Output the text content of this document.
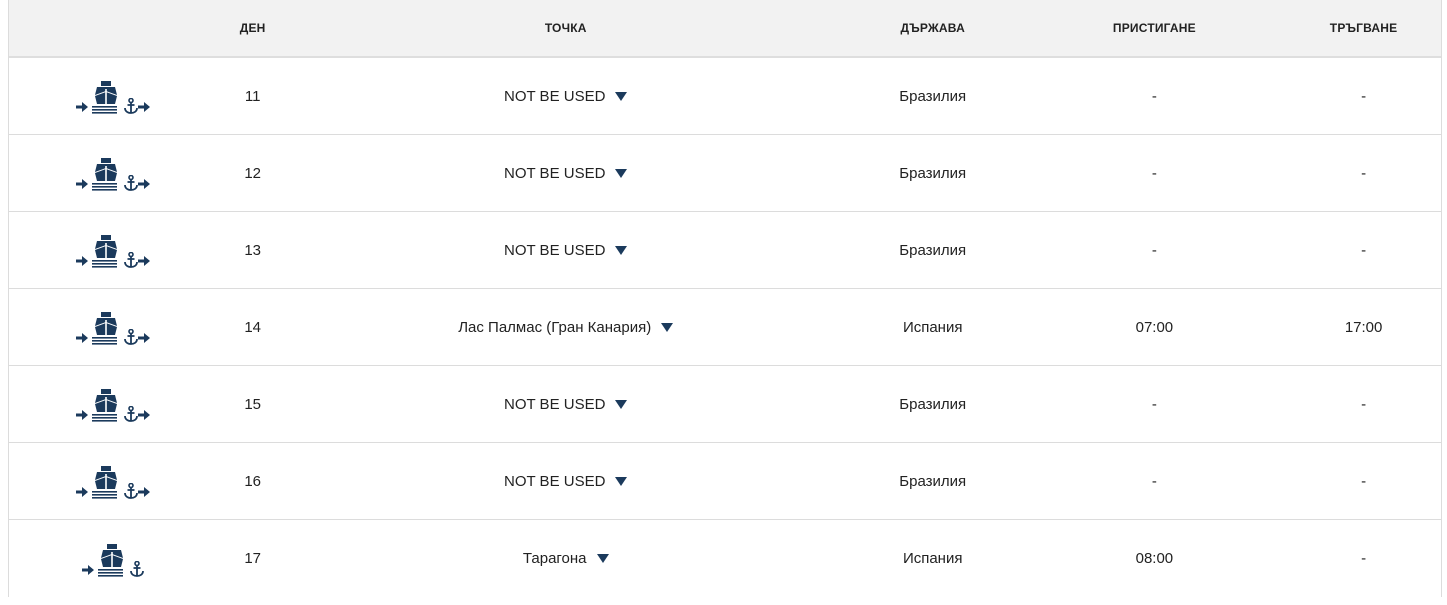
ДЕН	ТОЧКА	ДЪРЖАВА	ПРИСТИГАНЕ	ТРЪГВАНЕ
11	NOT BE USED	Бразилия	-	-
12	NOT BE USED	Бразилия	-	-
13	NOT BE USED	Бразилия	-	-
14	Лас Палмас (Гран Канария)	Испания	07:00	17:00
15	NOT BE USED	Бразилия	-	-
16	NOT BE USED	Бразилия	-	-
17	Тарагона	Испания	08:00	-
